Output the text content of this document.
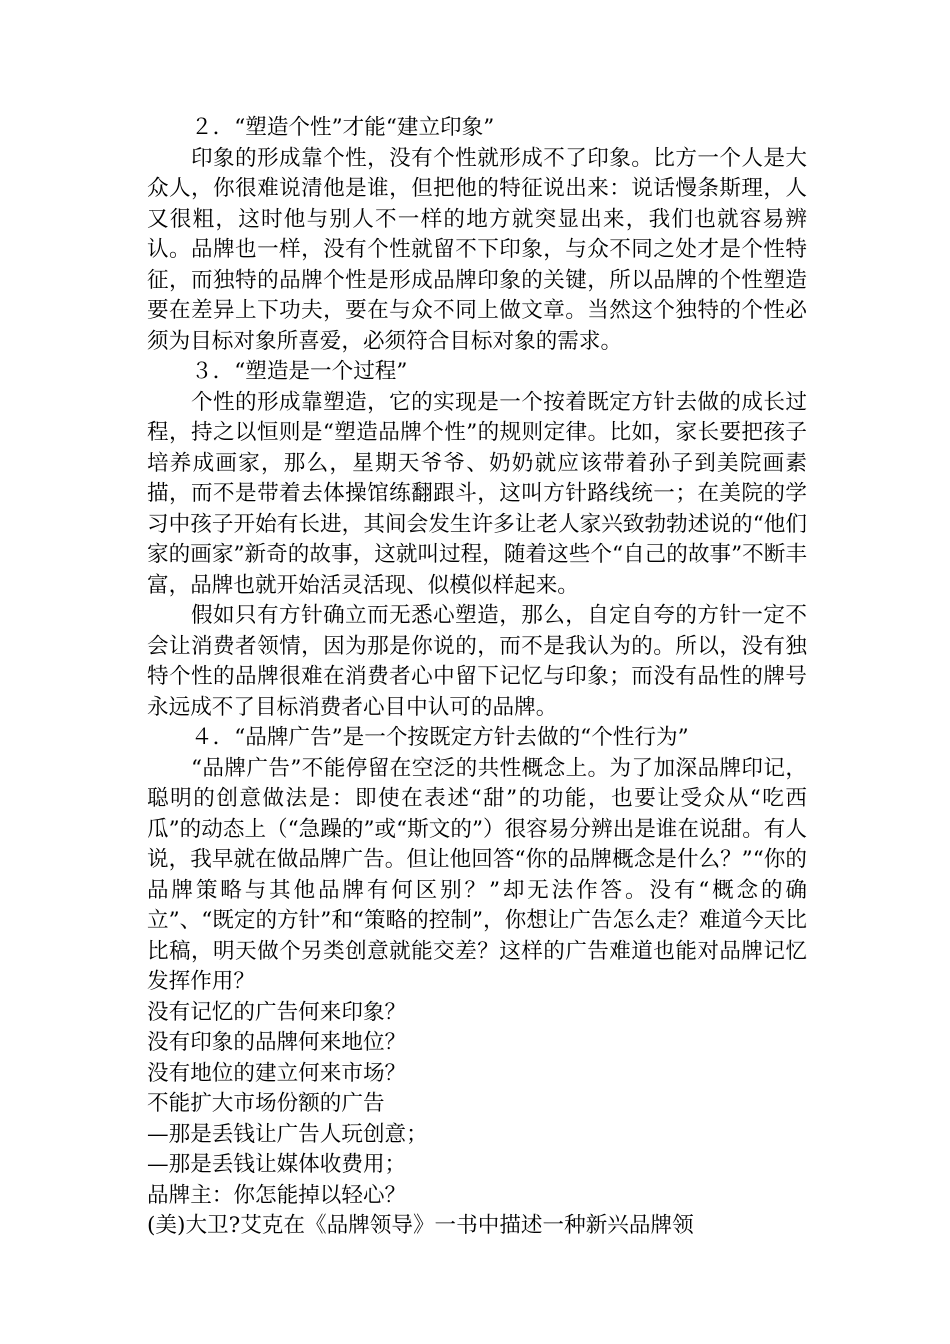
２．“塑造个性”才能“建立印象”

印象的形成靠个性，没有个性就形成不了印象。比方一个人是大众人，你很难说清他是谁，但把他的特征说出来：说话慢条斯理，人又很粗，这时他与别人不一样的地方就突显出来，我们也就容易辨认。品牌也一样，没有个性就留不下印象，与众不同之处才是个性特征，而独特的品牌个性是形成品牌印象的关键，所以品牌的个性塑造要在差异上下功夫，要在与众不同上做文章。当然这个独特的个性必须为目标对象所喜爱，必须符合目标对象的需求。

３．“塑造是一个过程”

个性的形成靠塑造，它的实现是一个按着既定方针去做的成长过程，持之以恒则是“塑造品牌个性”的规则定律。比如，家长要把孩子培养成画家，那么，星期天爷爷、奶奶就应该带着孙子到美院画素描，而不是带着去体操馆练翻跟斗，这叫方针路线统一；在美院的学习中孩子开始有长进，其间会发生许多让老人家兴致勃勃述说的“他们家的画家”新奇的故事，这就叫过程，随着这些个“自己的故事”不断丰富，品牌也就开始活灵活现、似模似样起来。

假如只有方针确立而无悉心塑造，那么，自定自夸的方针一定不会让消费者领情，因为那是你说的，而不是我认为的。所以，没有独特个性的品牌很难在消费者心中留下记忆与印象；而没有品性的牌号永远成不了目标消费者心目中认可的品牌。

４．“品牌广告”是一个按既定方针去做的“个性行为”

“品牌广告”不能停留在空泛的共性概念上。为了加深品牌印记，聪明的创意做法是：即使在表述“甜”的功能，也要让受众从“吃西瓜”的动态上（“急躁的”或“斯文的”）很容易分辨出是谁在说甜。有人说，我早就在做品牌广告。但让他回答“你的品牌概念是什么？”“你的品牌策略与其他品牌有何区别？”却无法作答。没有“概念的确立”、“既定的方针”和“策略的控制”，你想让广告怎么走？难道今天比比稿，明天做个另类创意就能交差？这样的广告难道也能对品牌记忆发挥作用？

没有记忆的广告何来印象？

没有印象的品牌何来地位？

没有地位的建立何来市场？

不能扩大市场份额的广告

—那是丢钱让广告人玩创意；

—那是丢钱让媒体收费用；

品牌主：你怎能掉以轻心？

(美)大卫?艾克在《品牌领导》一书中描述一种新兴品牌领
